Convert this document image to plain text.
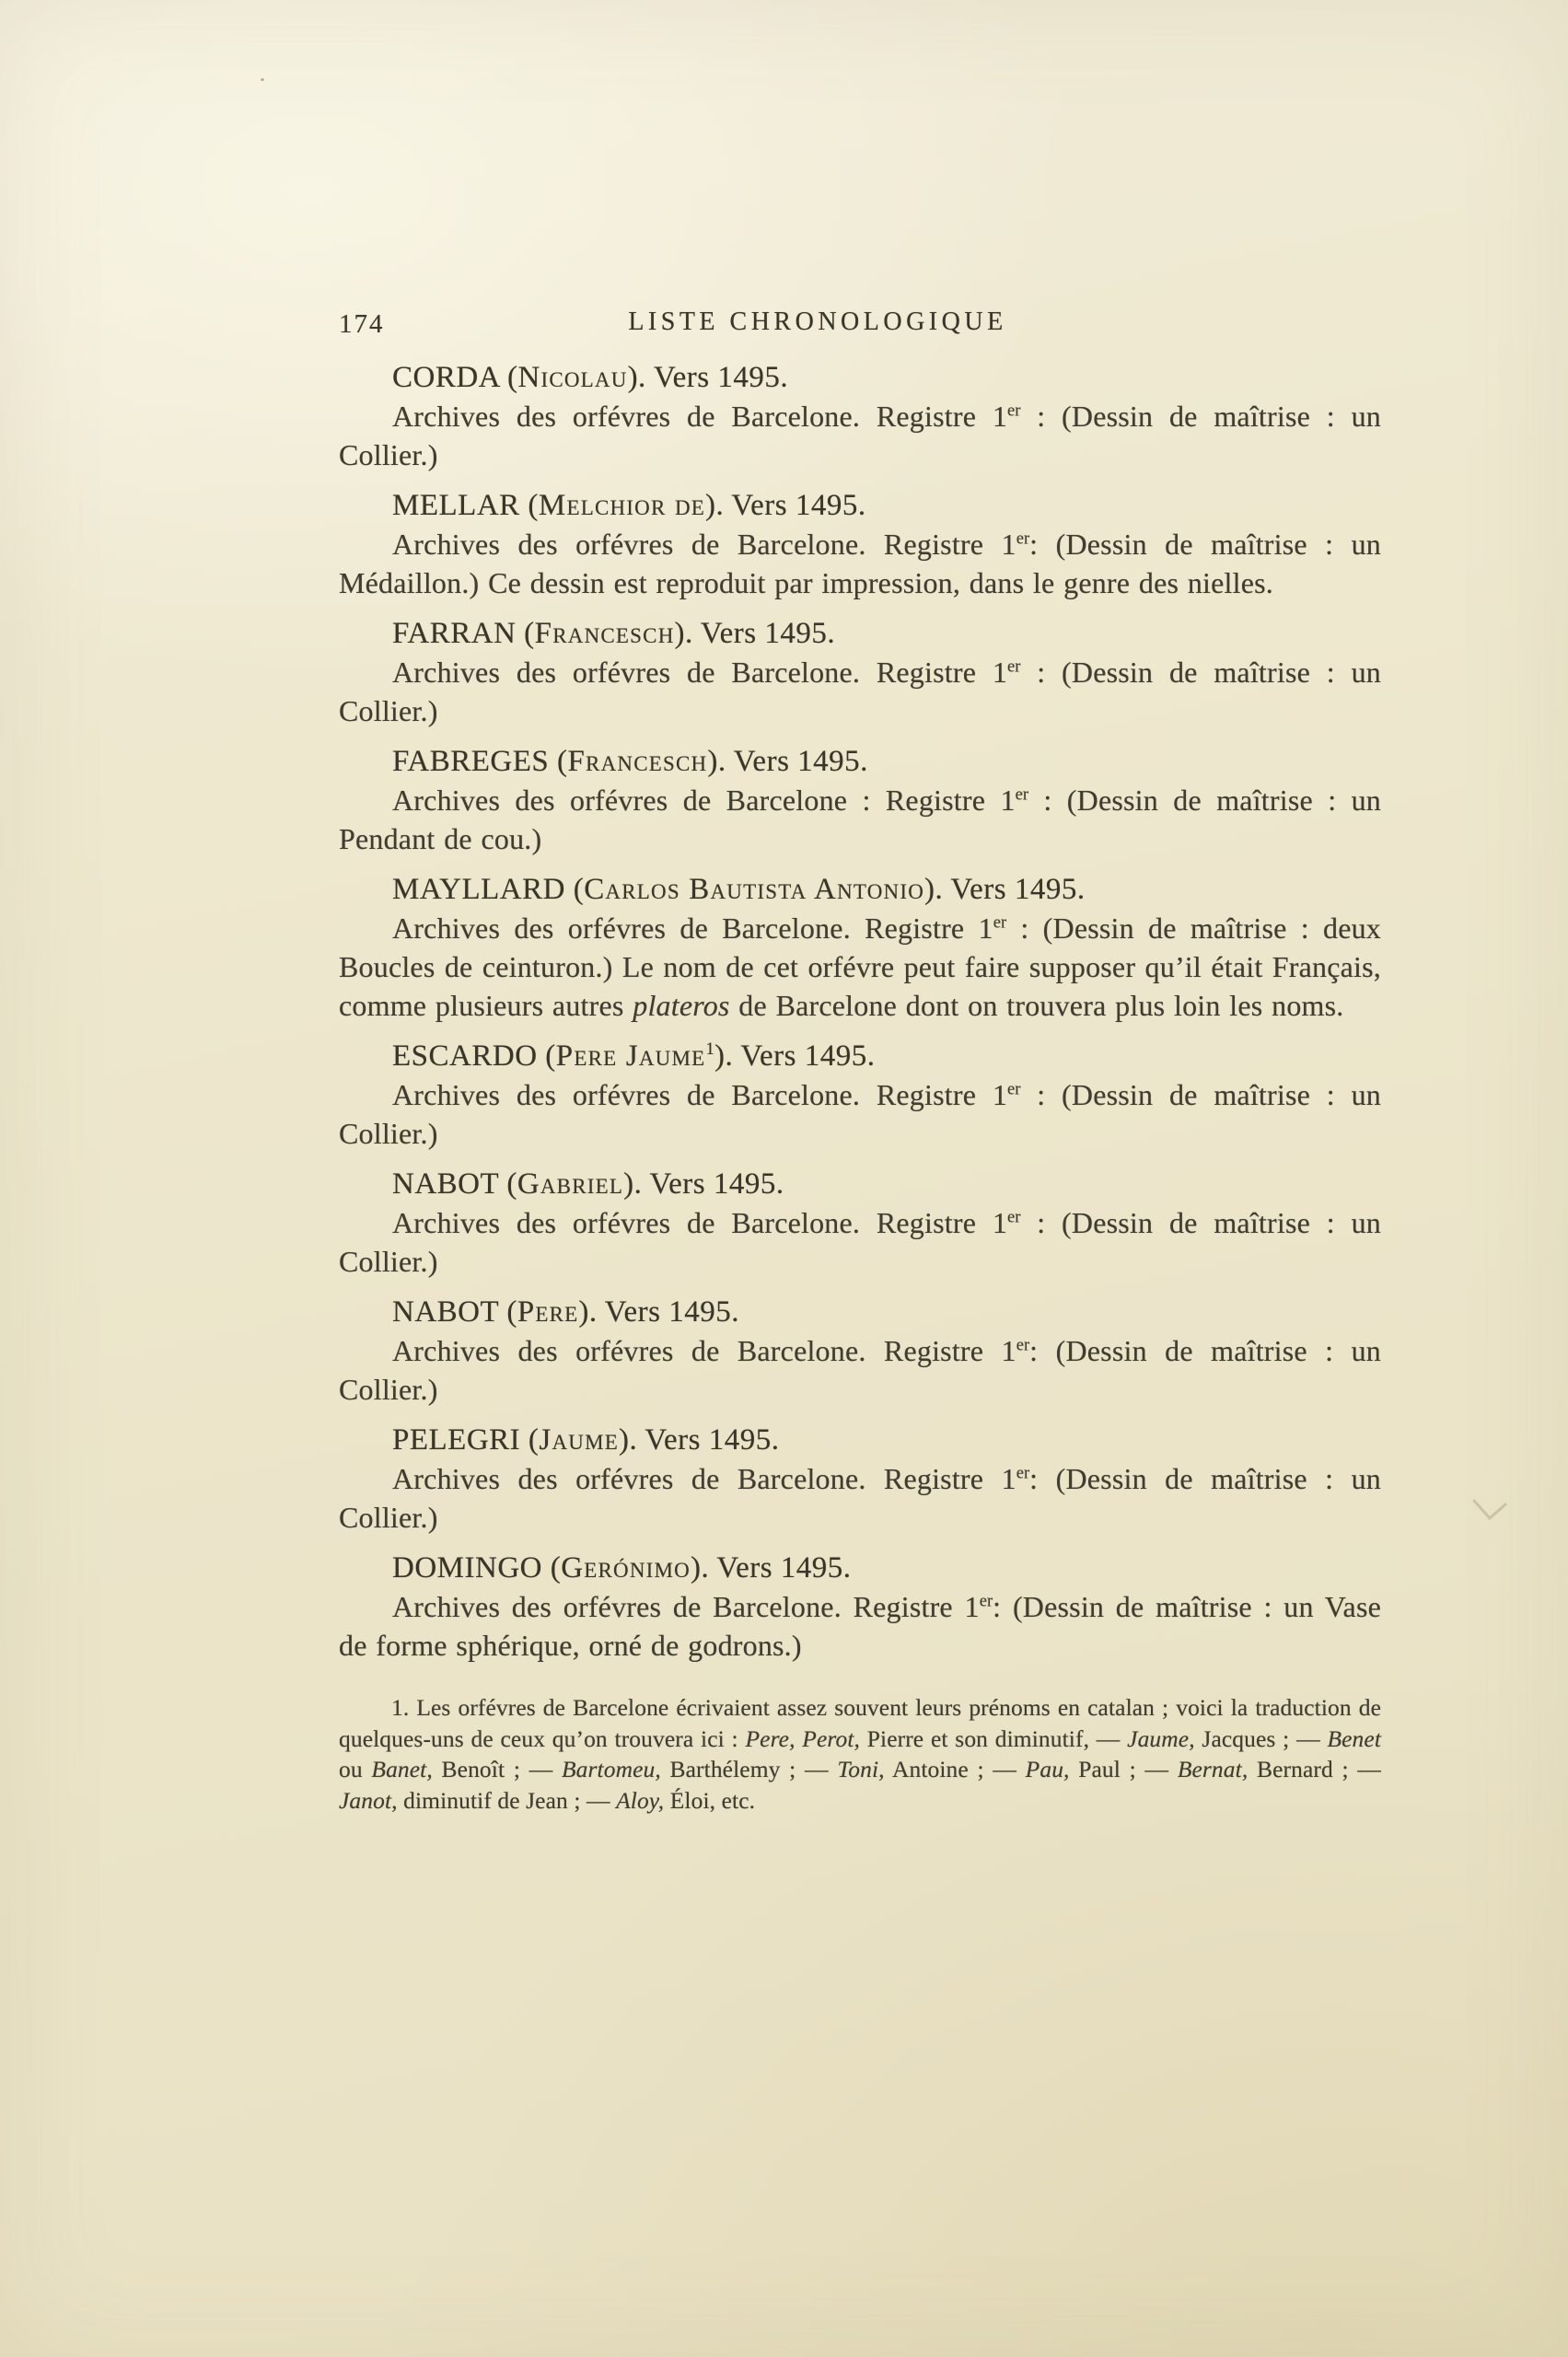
174	LISTE CHRONOLOGIQUE
CORDA (Nicolau). Vers 1495.

Archives des orfévres de Barcelone. Registre 1er : (Dessin de maîtrise : un Collier.)

MELLAR (Melchior de). Vers 1495.

Archives des orfévres de Barcelone. Registre 1er: (Dessin de maîtrise : un Médaillon.) Ce dessin est reproduit par impression, dans le genre des nielles.

FARRAN (Francesch). Vers 1495.

Archives des orfévres de Barcelone. Registre 1er : (Dessin de maîtrise : un Collier.)

FABREGES (Francesch). Vers 1495.

Archives des orfévres de Barcelone : Registre 1er : (Dessin de maîtrise : un Pendant de cou.)

MAYLLARD (Carlos Bautista Antonio). Vers 1495.

Archives des orfévres de Barcelone. Registre 1er : (Dessin de maîtrise : deux Boucles de ceinturon.) Le nom de cet orfévre peut faire supposer qu’il était Français, comme plusieurs autres plateros de Barcelone dont on trouvera plus loin les noms.

ESCARDO (Pere Jaume$^1$). Vers 1495.

Archives des orfévres de Barcelone. Registre 1er : (Dessin de maîtrise : un Collier.)

NABOT (Gabriel). Vers 1495.

Archives des orfévres de Barcelone. Registre 1er : (Dessin de maîtrise : un Collier.)

NABOT (Pere). Vers 1495.

Archives des orfévres de Barcelone. Registre 1er: (Dessin de maîtrise : un Collier.)

PELEGRI (Jaume). Vers 1495.

Archives des orfévres de Barcelone. Registre 1er: (Dessin de maîtrise : un Collier.)

DOMINGO (Gerónimo). Vers 1495.

Archives des orfévres de Barcelone. Registre 1er: (Dessin de maîtrise : un Vase de forme sphérique, orné de godrons.)

1. Les orfévres de Barcelone écrivaient assez souvent leurs prénoms en catalan ; voici la traduction de quelques-uns de ceux qu’on trouvera ici : Pere, Perot, Pierre et son diminutif, — Jaume, Jacques ; — Benet ou Banet, Benoît ; — Bartomeu, Barthélemy ; — Toni, Antoine ; — Pau, Paul ; — Bernat, Bernard ; — Janot, diminutif de Jean ; — Aloy, Éloi, etc.
